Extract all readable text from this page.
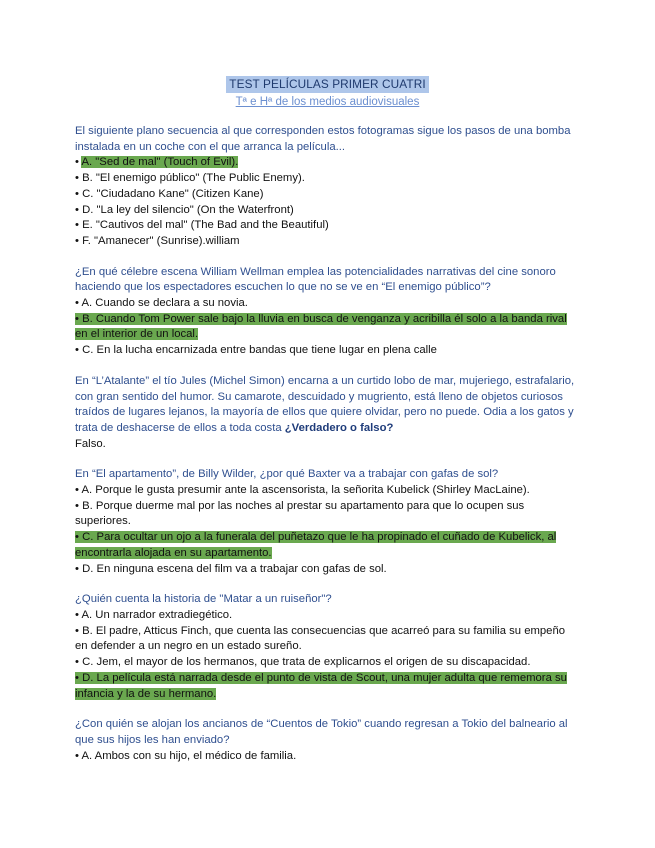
TEST PELÍCULAS PRIMER CUATRI
Tª e Hª de los medios audiovisuales
El siguiente plano secuencia al que corresponden estos fotogramas sigue los pasos de una bomba instalada en un coche con el que arranca la película...
• A. "Sed de mal" (Touch of Evil).
• B. "El enemigo público" (The Public Enemy).
• C. "Ciudadano Kane" (Citizen Kane)
• D. "La ley del silencio" (On the Waterfront)
• E. "Cautivos del mal" (The Bad and the Beautiful)
• F. "Amanecer" (Sunrise).william
¿En qué célebre escena William Wellman emplea las potencialidades narrativas del cine sonoro haciendo que los espectadores escuchen lo que no se ve en “El enemigo público”?
• A. Cuando se declara a su novia.
• B. Cuando Tom Power sale bajo la lluvia en busca de venganza y acribilla él solo a la banda rival en el interior de un local.
• C. En la lucha encarnizada entre bandas que tiene lugar en plena calle
En “L’Atalante” el tío Jules (Michel Simon) encarna a un curtido lobo de mar, mujeriego, estrafalario, con gran sentido del humor. Su camarote, descuidado y mugriento, está lleno de objetos curiosos traídos de lugares lejanos, la mayoría de ellos que quiere olvidar, pero no puede. Odia a los gatos y trata de deshacerse de ellos a toda costa ¿Verdadero o falso?
Falso.
En “El apartamento”, de Billy Wilder, ¿por qué Baxter va a trabajar con gafas de sol?
• A. Porque le gusta presumir ante la ascensorista, la señorita Kubelick (Shirley MacLaine).
• B. Porque duerme mal por las noches al prestar su apartamento para que lo ocupen sus superiores.
• C. Para ocultar un ojo a la funerala del puñetazo que le ha propinado el cuñado de Kubelick, al encontrarla alojada en su apartamento.
• D. En ninguna escena del film va a trabajar con gafas de sol.
¿Quién cuenta la historia de "Matar a un ruiseñor"?
• A. Un narrador extradiegético.
• B. El padre, Atticus Finch, que cuenta las consecuencias que acarreó para su familia su empeño en defender a un negro en un estado sureño.
• C. Jem, el mayor de los hermanos, que trata de explicarnos el origen de su discapacidad.
• D. La película está narrada desde el punto de vista de Scout, una mujer adulta que rememora su infancia y la de su hermano.
¿Con quién se alojan los ancianos de “Cuentos de Tokio” cuando regresan a Tokio del balneario al que sus hijos les han enviado?
• A. Ambos con su hijo, el médico de familia.
